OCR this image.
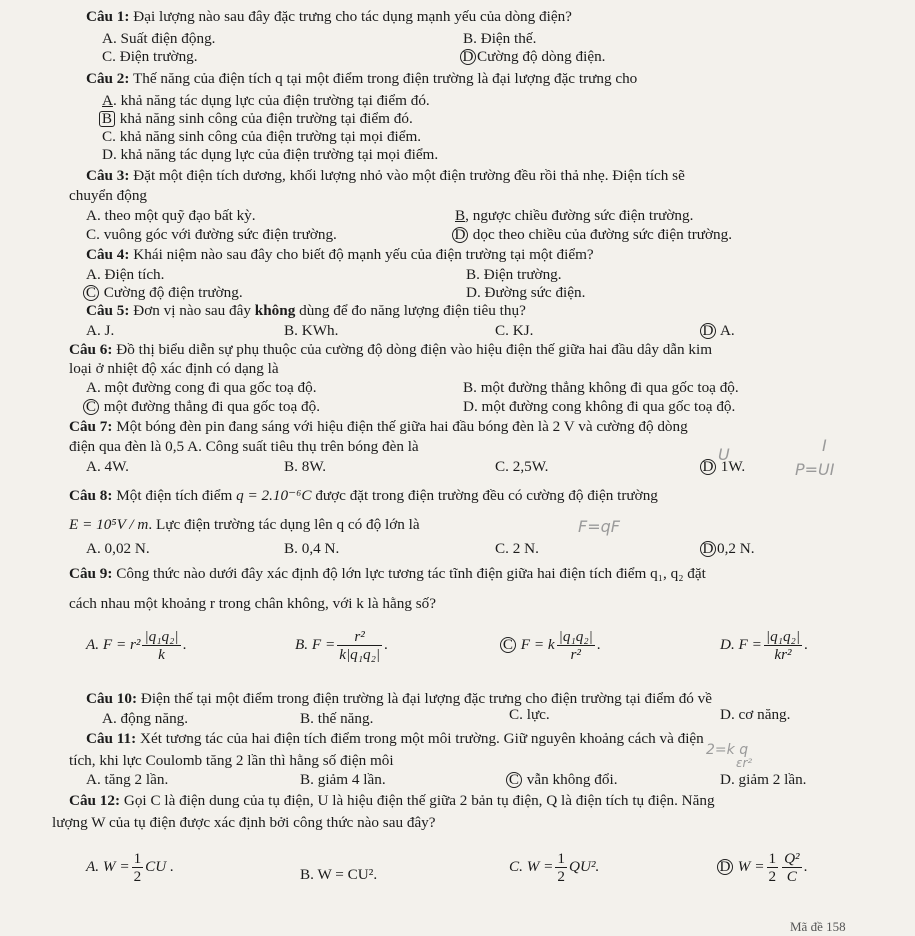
Câu 1: Đại lượng nào sau đây đặc trưng cho tác dụng mạnh yếu của dòng điện?
A. Suất điện động.	B. Điện thế.
C. Điện trường.	D Cường độ dòng điện.
Câu 2: Thế năng của điện tích q tại một điểm trong điện trường là đại lượng đặc trưng cho
A. khả năng tác dụng lực của điện trường tại điểm đó.
B khả năng sinh công của điện trường tại điểm đó.
C. khả năng sinh công của điện trường tại mọi điểm.
D. khả năng tác dụng lực của điện trường tại mọi điểm.
Câu 3: Đặt một điện tích dương, khối lượng nhỏ vào một điện trường đều rồi thả nhẹ. Điện tích sẽ
chuyển động
A. theo một quỹ đạo bất kỳ.	B, ngược chiều đường sức điện trường.
C. vuông góc với đường sức điện trường.	D dọc theo chiều của đường sức điện trường.
Câu 4: Khái niệm nào sau đây cho biết độ mạnh yếu của điện trường tại một điểm?
A. Điện tích.	B. Điện trường.
C Cường độ điện trường.	D. Đường sức điện.
Câu 5: Đơn vị nào sau đây không dùng để đo năng lượng điện tiêu thụ?
A. J.	B. KWh.	C. KJ.	D A.
Câu 6: Đồ thị biểu diễn sự phụ thuộc của cường độ dòng điện vào hiệu điện thế giữa hai đầu dây dẫn kim
loại ở nhiệt độ xác định có dạng là
A. một đường cong đi qua gốc toạ độ.	B. một đường thẳng không đi qua gốc toạ độ.
C một đường thẳng đi qua gốc toạ độ.	D. một đường cong không đi qua gốc toạ độ.
Câu 7: Một bóng đèn pin đang sáng với hiệu điện thế giữa hai đầu bóng đèn là 2 V và cường độ dòng
điện qua đèn là 0,5 A. Công suất tiêu thụ trên bóng đèn là
A. 4W.	B. 8W.	C. 2,5W.	D 1W.
Câu 8: Một điện tích điểm q = 2.10⁻⁶C được đặt trong điện trường đều có cường độ điện trường
E = 10⁵V / m. Lực điện trường tác dụng lên q có độ lớn là
A. 0,02 N.	B. 0,4 N.	C. 2 N.	D 0,2 N.
Câu 9: Công thức nào dưới đây xác định độ lớn lực tương tác tĩnh điện giữa hai điện tích điểm q₁, q₂ đặt
cách nhau một khoảng r trong chân không, với k là hằng số?
A. $F = r^2 \frac{\text{|q₁q₂|}}{k}$ .	B. $F = \frac{\text{r²}}{\text{k|q₁q₂|}}$ .	C F = k $\frac{\text{|q₁q₂|}}{\text{r²}}$ .	D. $F = \frac{\text{|q₁q₂|}}{\text{kr²}}$ .
Câu 10: Điện thế tại một điểm trong điện trường là đại lượng đặc trưng cho điện trường tại điểm đó về
A. động năng.	B. thế năng.	C. lực.	D. cơ năng.
Câu 11: Xét tương tác của hai điện tích điểm trong một môi trường. Giữ nguyên khoảng cách và điện
tích, khi lực Coulomb tăng 2 lần thì hằng số điện môi
A. tăng 2 lần.	B. giảm 4 lần.	C vẫn không đổi.	D. giảm 2 lần.
Câu 12: Gọi C là điện dung của tụ điện, U là hiệu điện thế giữa 2 bản tụ điện, Q là điện tích tụ điện. Năng
lượng W của tụ điện được xác định bởi công thức nào sau đây?
A. $W = \frac{1}{2}$ CU .	B. W = CU².	C. $W = \frac{1}{2} QU^2$.	D $W = \frac{1}{2} \frac{\text{Q²}}{C}$ .
U	I
P=UI
F=qF
2=k q
εr²
Mã đề 158
